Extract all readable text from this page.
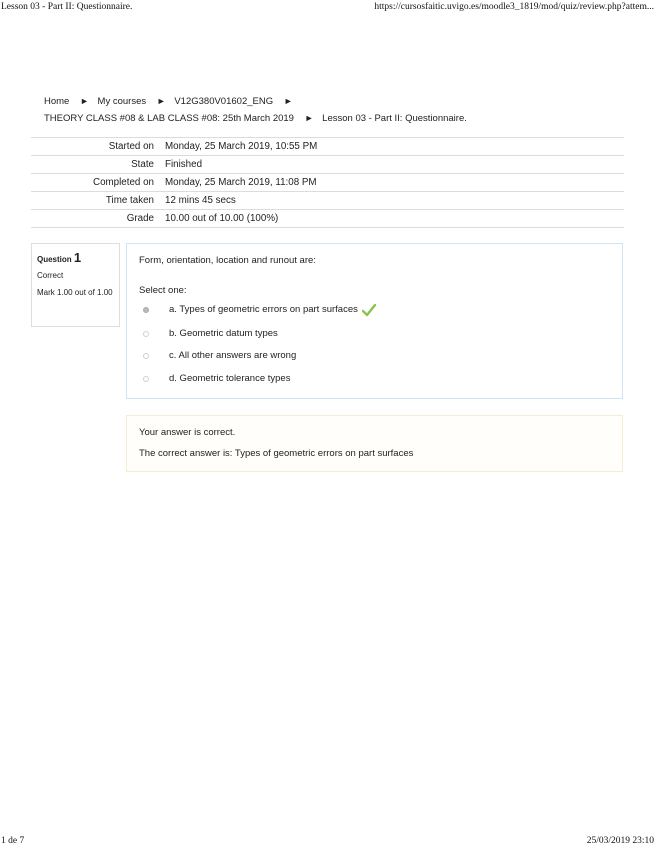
Lesson 03 - Part II: Questionnaire.	https://cursosfaitic.uvigo.es/moodle3_1819/mod/quiz/review.php?attem...
Home ► My courses ► V12G380V01602_ENG ►
THEORY CLASS #08 & LAB CLASS #08: 25th March 2019 ► Lesson 03 - Part II: Questionnaire.
Started on	Monday, 25 March 2019, 10:55 PM
State	Finished
Completed on	Monday, 25 March 2019, 11:08 PM
Time taken	12 mins 45 secs
Grade	10.00 out of 10.00 (100%)
Question 1
Correct
Mark 1.00 out of 1.00
Form, orientation, location and runout are:
Select one:
a. Types of geometric errors on part surfaces
b. Geometric datum types
c. All other answers are wrong
d. Geometric tolerance types
Your answer is correct.
The correct answer is: Types of geometric errors on part surfaces
1 de 7	25/03/2019 23:10
